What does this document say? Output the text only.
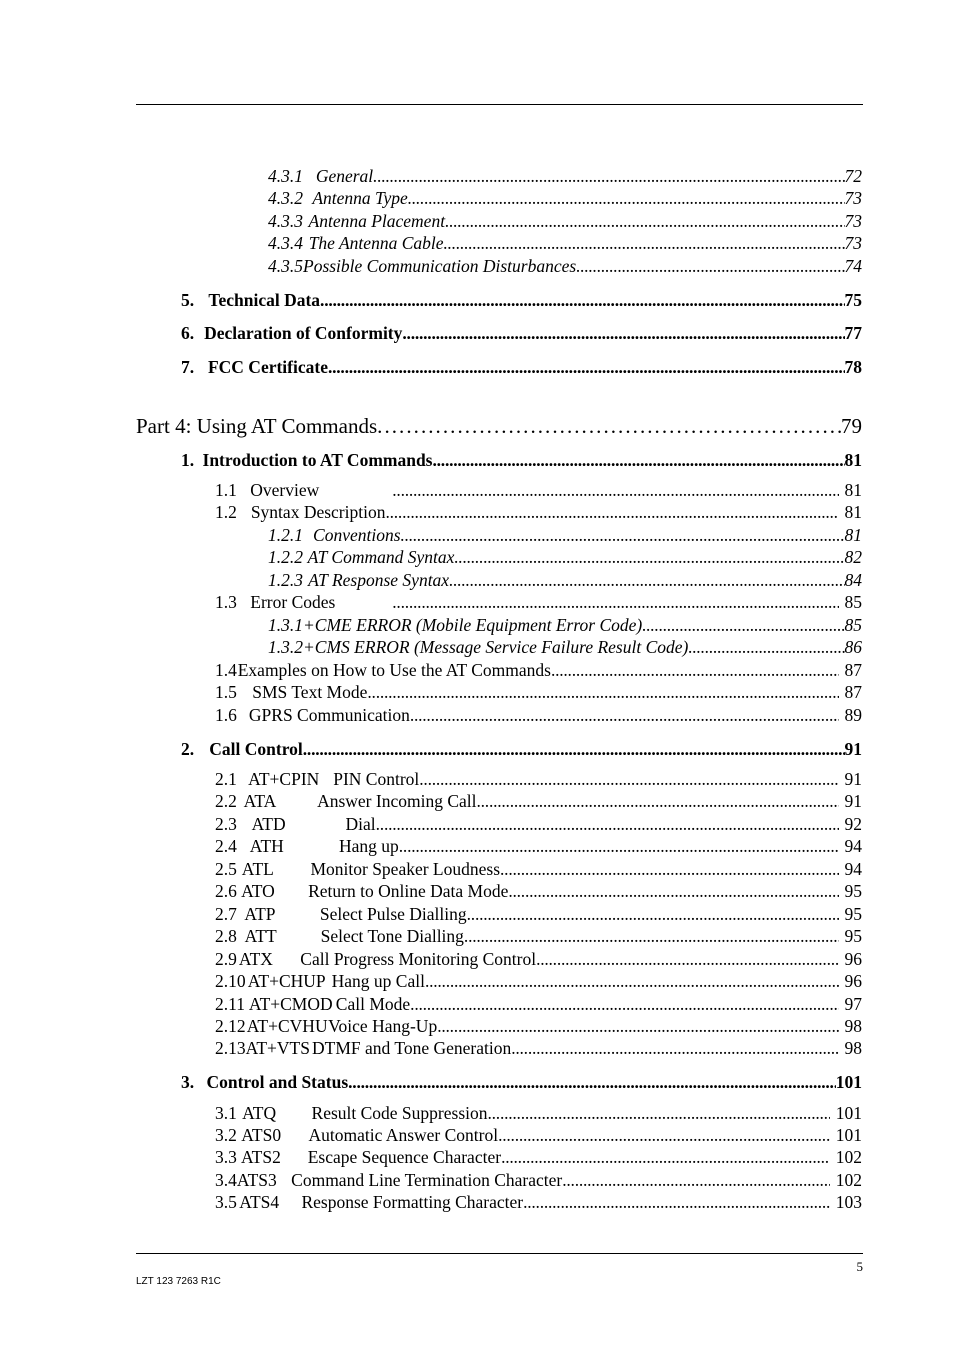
4.3.1 General . . .	72
4.3.2 Antenna Type . . .	73
4.3.3 Antenna Placement . . .	73
4.3.4 The Antenna Cable . . .	73
4.3.5 Possible Communication Disturbances . . .	74
5. Technical Data . . .	75
6. Declaration of Conformity . . .	77
7. FCC Certificate . . .	78
Part 4: Using AT Commands . . .	79
1. Introduction to AT Commands . . .	81
1.1 Overview . . .	81
1.2 Syntax Description . . .	81
1.2.1 Conventions . . .	81
1.2.2 AT Command Syntax . . .	82
1.2.3 AT Response Syntax . . .	84
1.3 Error Codes . . .	85
1.3.1 +CME ERROR (Mobile Equipment Error Code) . . .	85
1.3.2 +CMS ERROR (Message Service Failure Result Code) . . .	86
1.4 Examples on How to Use the AT Commands . . .	87
1.5 SMS Text Mode . . .	87
1.6 GPRS Communication . . .	89
2. Call Control . . .	91
2.1 AT+CPIN PIN Control . . .	91
2.2 ATA	Answer Incoming Call . . .	91
2.3 ATD	Dial . . .	92
2.4 ATH	Hang up . . .	94
2.5 ATL	Monitor Speaker Loudness . . .	94
2.6 ATO	Return to Online Data Mode . . .	95
2.7 ATP	Select Pulse Dialling . . .	95
2.8 ATT	Select Tone Dialling . . .	95
2.9 ATX	Call Progress Monitoring Control . . .	96
2.10 AT+CHUP Hang up Call . . .	96
2.11 AT+CMOD Call Mode . . .	97
2.12 AT+CVHU Voice Hang-Up . . .	98
2.13 AT+VTS DTMF and Tone Generation . . .	98
3. Control and Status . . .	101
3.1 ATQ	Result Code Suppression . . .	101
3.2 ATS0	Automatic Answer Control . . .	101
3.3 ATS2	Escape Sequence Character . . .	102
3.4 ATS3 Command Line Termination Character . . .	102
3.5 ATS4	Response Formatting Character . . .	103
5
LZT 123 7263 R1C
